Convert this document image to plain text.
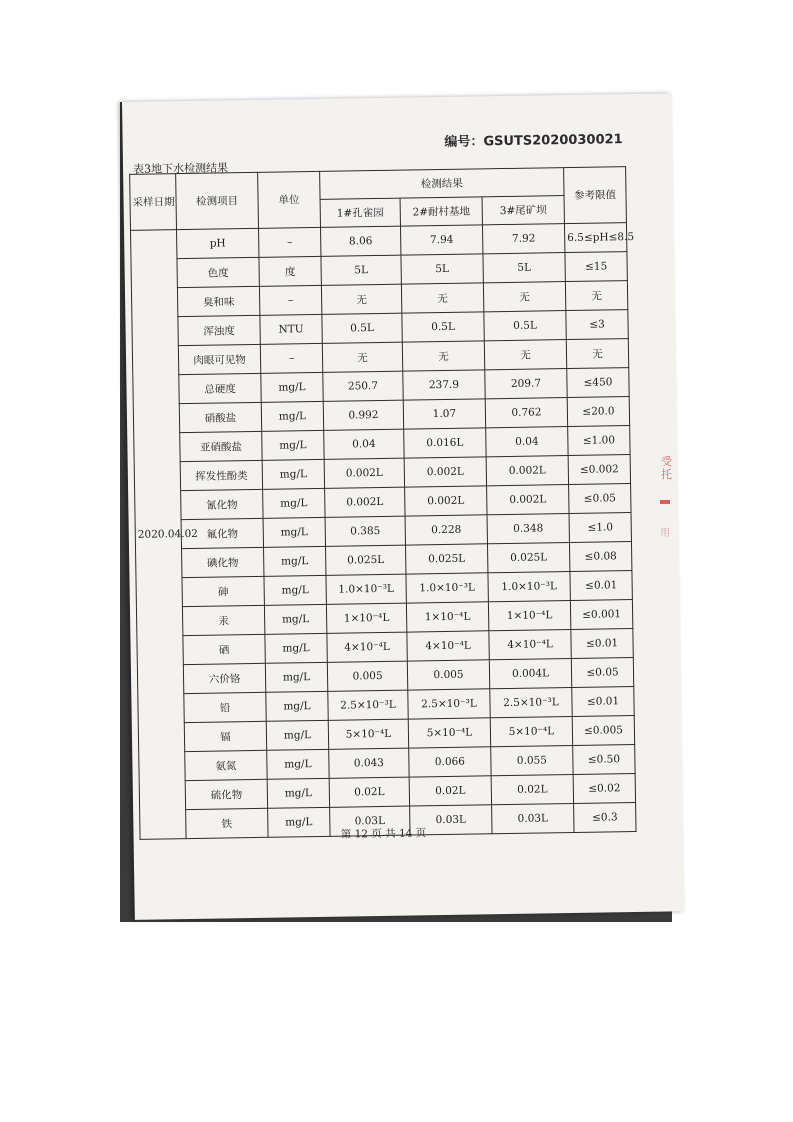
编号：GSUTS2020030021
表3地下水检测结果
采样日期	检测项目	单位	检测结果			参考限值
			1#孔雀园	2#耐村基地	3#尾矿坝	
2020.04.02	pH	–	8.06	7.94	7.92	6.5≤pH≤8.5
	色度	度	5L	5L	5L	≤15
	臭和味	–	无	无	无	无
	浑浊度	NTU	0.5L	0.5L	0.5L	≤3
	肉眼可见物	–	无	无	无	无
	总硬度	mg/L	250.7	237.9	209.7	≤450
	硝酸盐	mg/L	0.992	1.07	0.762	≤20.0
	亚硝酸盐	mg/L	0.04	0.016L	0.04	≤1.00
	挥发性酚类	mg/L	0.002L	0.002L	0.002L	≤0.002
	氰化物	mg/L	0.002L	0.002L	0.002L	≤0.05
	氟化物	mg/L	0.385	0.228	0.348	≤1.0
	碘化物	mg/L	0.025L	0.025L	0.025L	≤0.08
	砷	mg/L	1.0×10⁻³L	1.0×10⁻³L	1.0×10⁻³L	≤0.01
	汞	mg/L	1×10⁻⁴L	1×10⁻⁴L	1×10⁻⁴L	≤0.001
	硒	mg/L	4×10⁻⁴L	4×10⁻⁴L	4×10⁻⁴L	≤0.01
	六价铬	mg/L	0.005	0.005	0.004L	≤0.05
	铅	mg/L	2.5×10⁻³L	2.5×10⁻³L	2.5×10⁻³L	≤0.01
	镉	mg/L	5×10⁻⁴L	5×10⁻⁴L	5×10⁻⁴L	≤0.005
	氨氮	mg/L	0.043	0.066	0.055	≤0.50
	硫化物	mg/L	0.02L	0.02L	0.02L	≤0.02
	铁	mg/L	0.03L	0.03L	0.03L	≤0.3
第 12 页 共 14 页
受
托
用
